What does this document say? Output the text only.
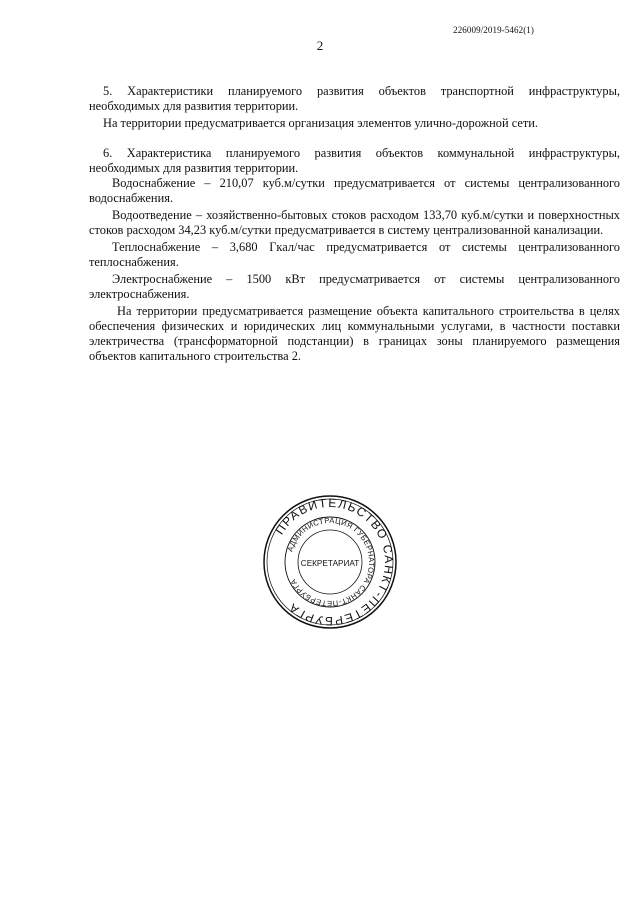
226009/2019-5462(1)
2

5. Характеристики планируемого развития объектов транспортной инфраструктуры, необходимых для развития территории.

На территории предусматривается организация элементов улично-дорожной сети.

6. Характеристика планируемого развития объектов коммунальной инфраструктуры, необходимых для развития территории.

Водоснабжение – 210,07 куб.м/сутки предусматривается от системы централизованного водоснабжения.

Водоотведение – хозяйственно-бытовых стоков расходом 133,70 куб.м/сутки и поверхностных стоков расходом 34,23 куб.м/сутки предусматривается в систему централизованной канализации.

Теплоснабжение – 3,680 Гкал/час предусматривается от системы централизованного теплоснабжения.

Электроснабжение – 1500 кВт предусматривается от системы централизованного электроснабжения.

На территории предусматривается размещение объекта капитального строительства в целях обеспечения физических и юридических лиц коммунальными услугами, в частности поставки электричества (трансформаторной подстанции) в границах зоны планируемого размещения объектов капитального строительства 2.

ПРАВИТЕЛЬСТВО САНКТ-ПЕТЕРБУРГА
АДМИНИСТРАЦИЯ ГУБЕРНАТОРА САНКТ-ПЕТЕРБУРГА
СЕКРЕТАРИАТ
